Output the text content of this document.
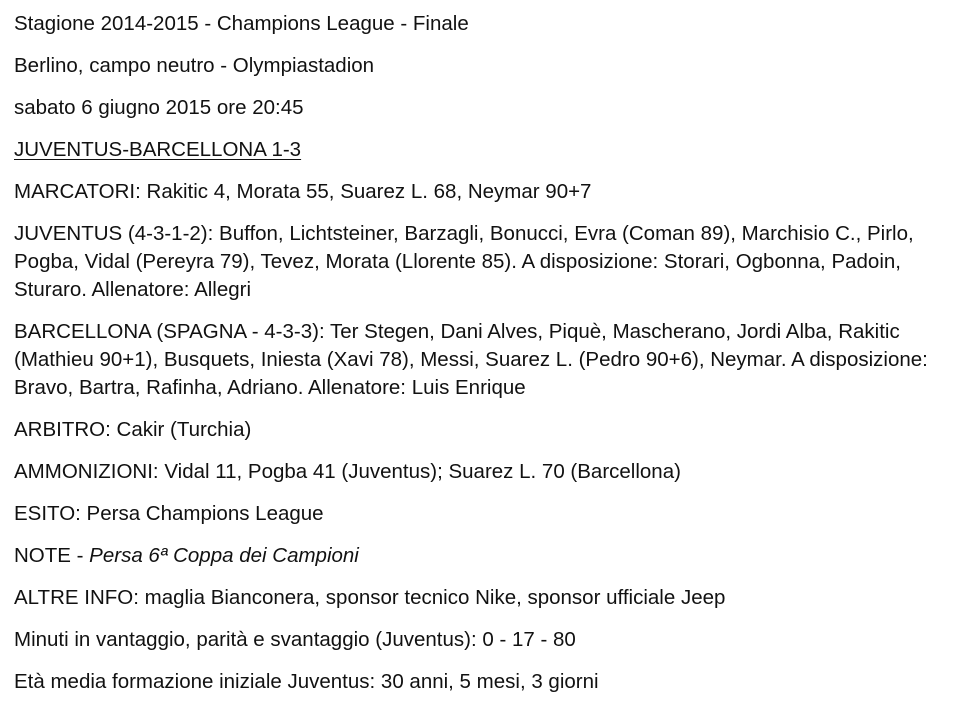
Stagione 2014-2015 - Champions League - Finale
Berlino, campo neutro - Olympiastadion
sabato 6 giugno 2015 ore 20:45
JUVENTUS-BARCELLONA 1-3
MARCATORI: Rakitic 4, Morata 55, Suarez L. 68, Neymar 90+7
JUVENTUS (4-3-1-2): Buffon, Lichtsteiner, Barzagli, Bonucci, Evra (Coman 89), Marchisio C., Pirlo, Pogba, Vidal (Pereyra 79), Tevez, Morata (Llorente 85). A disposizione: Storari, Ogbonna, Padoin, Sturaro. Allenatore: Allegri
BARCELLONA (SPAGNA - 4-3-3): Ter Stegen, Dani Alves, Piquè, Mascherano, Jordi Alba, Rakitic (Mathieu 90+1), Busquets, Iniesta (Xavi 78), Messi, Suarez L. (Pedro 90+6), Neymar. A disposizione: Bravo, Bartra, Rafinha, Adriano. Allenatore: Luis Enrique
ARBITRO: Cakir (Turchia)
AMMONIZIONI: Vidal 11, Pogba 41 (Juventus); Suarez L. 70 (Barcellona)
ESITO: Persa Champions League
NOTE - Persa 6ª Coppa dei Campioni
ALTRE INFO: maglia Bianconera, sponsor tecnico Nike, sponsor ufficiale Jeep
Minuti in vantaggio, parità e svantaggio (Juventus): 0 - 17 - 80
Età media formazione iniziale Juventus: 30 anni, 5 mesi, 3 giorni
